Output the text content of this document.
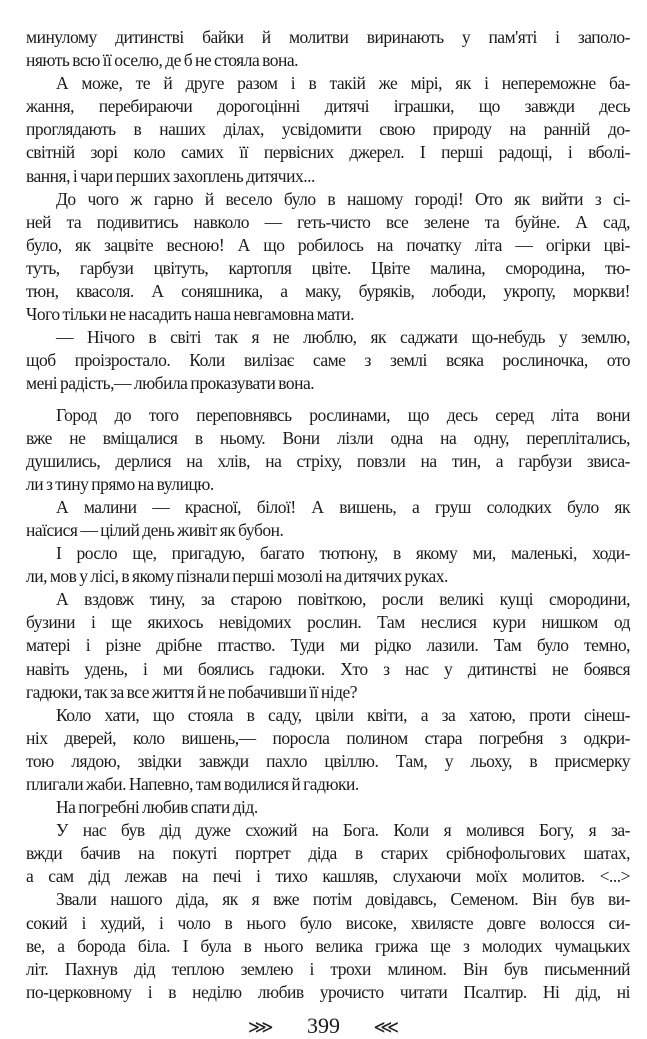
минулому дитинстві байки й молитви виринають у пам'яті і заполо-
няють всю її оселю, де б не стояла вона.
А може, те й друге разом і в такій же мірі, як і непереможне ба-
жання, перебираючи дорогоцінні дитячі іграшки, що завжди десь
проглядають в наших ділах, усвідомити свою природу на ранній до-
світній зорі коло самих її первісних джерел. І перші радощі, і вболі-
вання, і чари перших захоплень дитячих...
До чого ж гарно й весело було в нашому городі! Ото як вийти з сі-
ней та подивитись навколо — геть-чисто все зелене та буйне. А сад,
було, як зацвіте весною! А що робилось на початку літа — огірки цві-
туть, гарбузи цвітуть, картопля цвіте. Цвіте малина, смородина, тю-
тюн, квасоля. А соняшника, а маку, буряків, лободи, укропу, моркви!
Чого тільки не насадить наша невгамовна мати.
— Нічого в світі так я не люблю, як саджати що-небудь у землю,
щоб проізростало. Коли вилізає саме з землі всяка рослиночка, ото
мені радість,— любила проказувати вона.
Город до того переповнявсь рослинами, що десь серед літа вони
вже не вміщалися в ньому. Вони лізли одна на одну, переплітались,
душились, дерлися на хлів, на стріху, повзли на тин, а гарбузи звиса-
ли з тину прямо на вулицю.
А малини — красної, білої! А вишень, а груш солодких було як
наїсися — цілий день живіт як бубон.
І росло ще, пригадую, багато тютюну, в якому ми, маленькі, ходи-
ли, мов у лісі, в якому пізнали перші мозолі на дитячих руках.
А вздовж тину, за старою повіткою, росли великі кущі смородини,
бузини і ще якихось невідомих рослин. Там неслися кури нишком од
матері і різне дрібне птаство. Туди ми рідко лазили. Там було темно,
навіть удень, і ми боялись гадюки. Хто з нас у дитинстві не боявся
гадюки, так за все життя й не побачивши її ніде?
Коло хати, що стояла в саду, цвіли квіти, а за хатою, проти сінеш-
ніх дверей, коло вишень,— поросла полином стара погребня з одкри-
тою лядою, звідки завжди пахло цвіллю. Там, у льоху, в присмерку
плигали жаби. Напевно, там водилися й гадюки.
На погребні любив спати дід.
У нас був дід дуже схожий на Бога. Коли я молився Богу, я за-
вжди бачив на покуті портрет діда в старих срібнофольгових шатах,
а сам дід лежав на печі і тихо кашляв, слухаючи моїх молитов. <...>
Звали нашого діда, як я вже потім довідавсь, Семеном. Він був ви-
сокий і худий, і чоло в нього було високе, хвилясте довге волосся си-
ве, а борода біла. І була в нього велика грижа ще з молодих чумацьких
літ. Пахнув дід теплою землею і трохи млином. Він був письменний
по-церковному і в неділю любив урочисто читати Псалтир. Ні дід, ні
⋙ 399 ⋘
